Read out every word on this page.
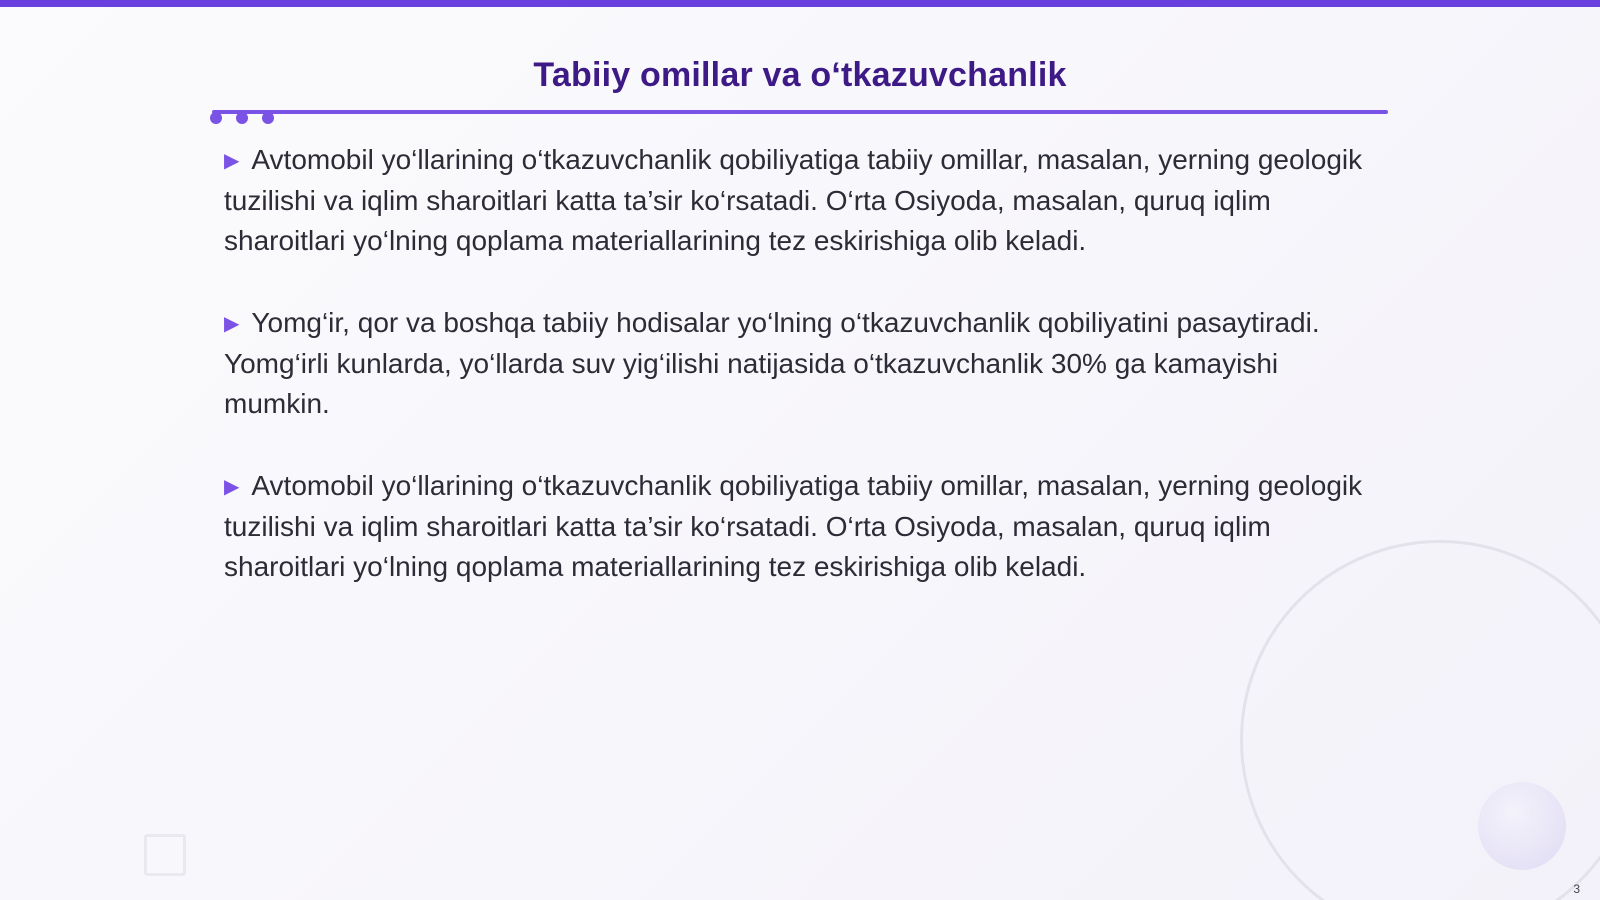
Tabiiy omillar va o‘tkazuvchanlik

▶ Avtomobil yo‘llarining o‘tkazuvchanlik qobiliyatiga tabiiy omillar, masalan, yerning geologik tuzilishi va iqlim sharoitlari katta ta’sir ko‘rsatadi. O‘rta Osiyoda, masalan, quruq iqlim sharoitlari yo‘lning qoplama materiallarining tez eskirishiga olib keladi.

▶ Yomg‘ir, qor va boshqa tabiiy hodisalar yo‘lning o‘tkazuvchanlik qobiliyatini pasaytiradi. Yomg‘irli kunlarda, yo‘llarda suv yig‘ilishi natijasida o‘tkazuvchanlik 30% ga kamayishi mumkin.

▶ Avtomobil yo‘llarining o‘tkazuvchanlik qobiliyatiga tabiiy omillar, masalan, yerning geologik tuzilishi va iqlim sharoitlari katta ta’sir ko‘rsatadi. O‘rta Osiyoda, masalan, quruq iqlim sharoitlari yo‘lning qoplama materiallarining tez eskirishiga olib keladi.

3
